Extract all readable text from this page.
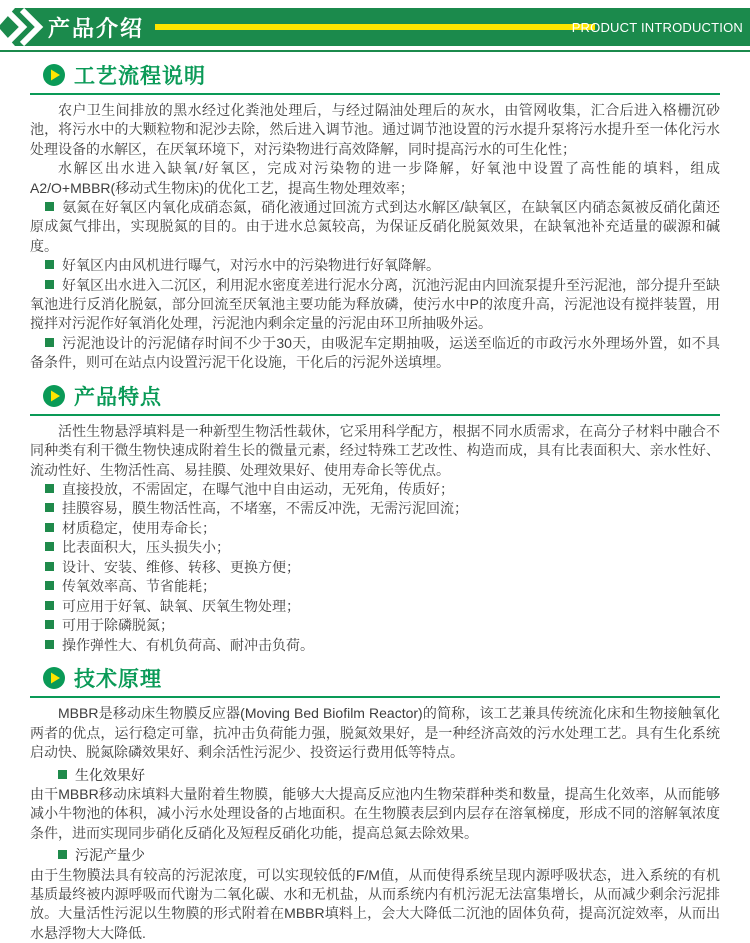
产品介绍	PRODUCT INTRODUCTION
工艺流程说明

农户卫生间排放的黑水经过化粪池处理后，与经过隔油处理后的灰水，由管网收集，汇合后进入格栅沉砂池，将污水中的大颗粒物和泥沙去除，然后进入调节池。通过调节池设置的污水提升泵将污水提升至一体化污水处理设备的水解区，在厌氧环境下，对污染物进行高效降解，同时提高污水的可生化性；

水解区出水进入缺氧/好氧区，完成对污染物的进一步降解，好氧池中设置了高性能的填料，组成A2/O+MBBR(移动式生物床)的优化工艺，提高生物处理效率；

氨氮在好氧区内氧化成硝态氮，硝化液通过回流方式到达水解区/缺氧区，在缺氧区内硝态氮被反硝化菌还原成氮气排出，实现脱氮的目的。由于进水总氮较高，为保证反硝化脱氮效果，在缺氧池补充适量的碳源和碱度。

好氧区内由风机进行曝气，对污水中的污染物进行好氧降解。

好氧区出水进入二沉区，利用泥水密度差进行泥水分离，沉池污泥由内回流泵提升至污泥池，部分提升至缺氧池进行反消化脱氨，部分回流至厌氧池主要功能为释放磷，使污水中P的浓度升高，污泥池设有搅拌装置，用搅拌对污泥作好氧消化处理，污泥池内剩余定量的污泥由环卫所抽吸外运。

污泥池设计的污泥储存时间不少于30天，由吸泥车定期抽吸，运送至临近的市政污水外理场外置，如不具备条件，则可在站点内设置污泥干化设施，干化后的污泥外送填埋。

产品特点

活性生物悬浮填料是一种新型生物活性载休，它采用科学配方，根据不同水质需求，在高分子材料中融合不同种类有利干微生物快速成附着生长的微量元素，经过特殊工艺改性、构造而成，具有比表面积大、亲水性好、流动性好、生物活性高、易挂膜、处理效果好、使用寿命长等优点。

直接投放，不需固定，在曝气池中自由运动，无死角，传质好；
挂膜容易，膜生物活性高，不堵塞，不需反冲洗，无需污泥回流；
材质稳定，使用寿命长；
比表面积大，压头损失小；
设计、安装、维修、转移、更换方便；
传氧效率高、节省能耗；
可应用于好氧、缺氧、厌氧生物处理；
可用于除磷脱氮；
操作弹性大、有机负荷高、耐冲击负荷。
技术原理

MBBR是移动床生物膜反应器(Moving Bed Biofilm Reactor)的简称，该工艺兼具传统流化床和生物接触氧化两者的优点，运行稳定可靠，抗冲击负荷能力强，脱氮效果好，是一种经济高效的污水处理工艺。具有生化系统启动快、脱氮除磷效果好、剩余活性污泥少、投资运行费用低等特点。

生化效果好

由干MBBR移动床填料大量附着生物膜，能够大大提高反应池内生物荣群种类和数量，提高生化效率，从而能够减小牛物池的体积，减小污水处理设备的占地面积。在生物膜表层到内层存在溶氧梯度，形成不同的溶解氧浓度条件，进而实现同步硝化反硝化及短程反硝化功能，提高总氮去除效果。

污泥产量少

由于生物膜法具有较高的污泥浓度，可以实现较低的F/M值，从而使得系统呈现内源呼吸状态，进入系统的有机基质最终被内源呼吸而代谢为二氧化碳、水和无机盐，从而系统内有机污泥无法富集增长，从而减少剩余污泥排放。大量活性污泥以生物膜的形式附着在MBBR填料上，会大大降低二沉池的固体负荷，提高沉淀效率，从而出水悬浮物大大降低.
